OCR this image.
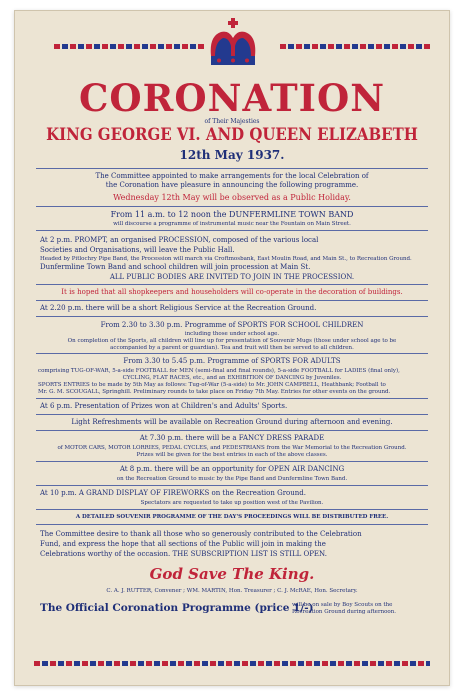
CORONATION
of Their Majesties
KING GEORGE VI. AND QUEEN ELIZABETH
12th May 1937.
The Committee appointed to make arrangements for the local Celebration of
the Coronation have pleasure in announcing the following programme.
Wednesday 12th May will be observed as a Public Holiday.
From 11 a.m. to 12 noon the DUNFERMLINE TOWN BAND
will discourse a programme of instrumental music near the Fountain on Main Street.
At 2 p.m. PROMPT, an organised PROCESSION, composed of the various local
Societies and Organisations, will leave the Public Hall.
Headed by Pitlochry Pipe Band, the Procession will march via Croftmosbank, East Moulin Road, and Main St., to Recreation Ground.
Dunfermline Town Band and school children will join procession at Main St.
ALL PUBLIC BODIES ARE INVITED TO JOIN IN THE PROCESSION.
It is hoped that all shopkeepers and householders will co-operate in the decoration of buildings.
At 2.20 p.m. there will be a short Religious Service at the Recreation Ground.
From 2.30 to 3.30 p.m. Programme of SPORTS FOR SCHOOL CHILDREN
including those under school age.
On completion of the Sports, all children will line up for presentation of Souvenir Mugs (those under school age to be
accompanied by a parent or guardian). Tea and fruit will then be served to all children.
From 3.30 to 5.45 p.m. Programme of SPORTS FOR ADULTS
comprising TUG-OF-WAR, 5-a-side FOOTBALL for MEN (semi-final and final rounds), 5-a-side FOOTBALL for LADIES (final only),
CYCLING, FLAT RACES, etc., and an EXHIBITION OF DANCING by Juveniles.
SPORTS ENTRIES to be made by 5th May as follows: Tug-of-War (5-a-side) to Mr. JOHN CAMPBELL, Heathbank; Football to
Mr. G. M. SCOUGALL, Springhill. Preliminary rounds to take place on Friday 7th May. Entries for other events on the ground.
At 6 p.m. Presentation of Prizes won at Children's and Adults' Sports.
Light Refreshments will be available on Recreation Ground during afternoon and evening.
At 7.30 p.m. there will be a FANCY DRESS PARADE
of MOTOR CARS, MOTOR LORRIES, PEDAL CYCLES, and PEDESTRIANS from the War Memorial to the Recreation Ground.
Prizes will be given for the best entries in each of the above classes.
At 8 p.m. there will be an opportunity for OPEN AIR DANCING
on the Recreation Ground to music by the Pipe Band and Dunfermline Town Band.
At 10 p.m. A GRAND DISPLAY OF FIREWORKS on the Recreation Ground.
Spectators are requested to take up position west of the Pavilion.
A DETAILED SOUVENIR PROGRAMME OF THE DAY'S PROCEEDINGS WILL BE DISTRIBUTED FREE.
The Committee desire to thank all those who so generously contributed to the Celebration
Fund, and express the hope that all sections of the Public will join in making the
Celebrations worthy of the occasion. THE SUBSCRIPTION LIST IS STILL OPEN.
God Save The King.
C. A. J. RUTTER, Convener ; WM. MARTIN, Hon. Treasurer ; C. J. McRAE, Hon. Secretary.
The Official Coronation Programme (price 1/-)
will be on sale by Boy Scouts on the
Recreation Ground during afternoon.
